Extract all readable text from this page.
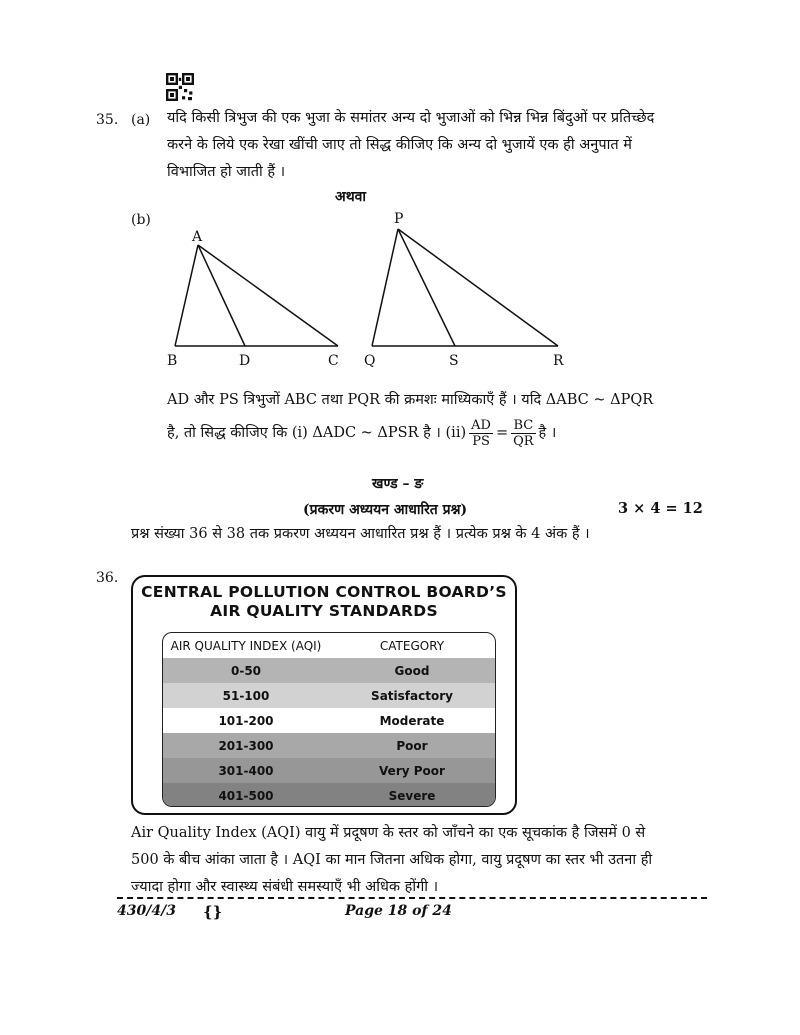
35. (a) यदि किसी त्रिभुज की एक भुजा के समांतर अन्य दो भुजाओं को भिन्न भिन्न बिंदुओं पर प्रतिच्छेद
करने के लिये एक रेखा खींची जाए तो सिद्ध कीजिए कि अन्य दो भुजायें एक ही अनुपात में
विभाजित हो जाती हैं ।
अथवा
(b)
A
B	D	C
P
Q	S	R
AD और PS त्रिभुजों ABC तथा PQR की क्रमशः माध्यिकाएँ हैं । यदि ΔABC ~ ΔPQR
है, तो सिद्ध कीजिए कि (i) ΔADC ~ ΔPSR है । $(ii) \frac{AD}{PS} = \frac{BC}{QR}$ है ।
खण्ड – ङ
(प्रकरण अध्ययन आधारित प्रश्न)	3 × 4 = 12
प्रश्न संख्या 36 से 38 तक प्रकरण अध्ययन आधारित प्रश्न हैं । प्रत्येक प्रश्न के 4 अंक हैं ।
36.
CENTRAL POLLUTION CONTROL BOARD’S
AIR QUALITY STANDARDS
AIR QUALITY INDEX (AQI)	CATEGORY
0-50	Good
51-100	Satisfactory
101-200	Moderate
201-300	Poor
301-400	Very Poor
401-500	Severe
Air Quality Index (AQI) वायु में प्रदूषण के स्तर को जाँचने का एक सूचकांक है जिसमें 0 से
500 के बीच आंका जाता है । AQI का मान जितना अधिक होगा, वायु प्रदूषण का स्तर भी उतना ही
ज्यादा होगा और स्वास्थ्य संबंधी समस्याएँ भी अधिक होंगी ।
430/4/3 {}	Page 18 of 24
